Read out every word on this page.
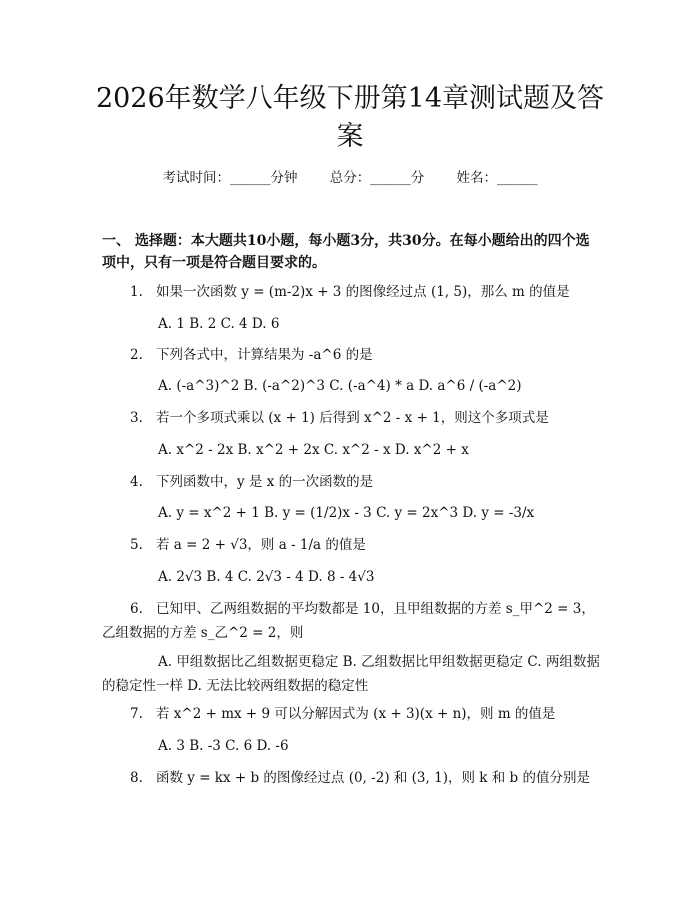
2026年数学八年级下册第14章测试题及答案
考试时间：______分钟 总分：______分 姓名：______

一、 选择题：本大题共10小题，每小题3分，共30分。在每小题给出的四个选项中，只有一项是符合题目要求的。

1. 如果一次函数 y = (m-2)x + 3 的图像经过点 (1, 5)，那么 m 的值是

A. 1 B. 2 C. 4 D. 6

2. 下列各式中，计算结果为 -a^6 的是

A. (-a^3)^2 B. (-a^2)^3 C. (-a^4) * a D. a^6 / (-a^2)

3. 若一个多项式乘以 (x + 1) 后得到 x^2 - x + 1，则这个多项式是

A. x^2 - 2x B. x^2 + 2x C. x^2 - x D. x^2 + x

4. 下列函数中，y 是 x 的一次函数的是

A. y = x^2 + 1 B. y = (1/2)x - 3 C. y = 2x^3 D. y = -3/x

5. 若 a = 2 + √3，则 a - 1/a 的值是

A. 2√3 B. 4 C. 2√3 - 4 D. 8 - 4√3

6. 已知甲、乙两组数据的平均数都是 10，且甲组数据的方差 s_甲^2 = 3，乙组数据的方差 s_乙^2 = 2，则

A. 甲组数据比乙组数据更稳定 B. 乙组数据比甲组数据更稳定 C. 两组数据的稳定性一样 D. 无法比较两组数据的稳定性

7. 若 x^2 + mx + 9 可以分解因式为 (x + 3)(x + n)，则 m 的值是

A. 3 B. -3 C. 6 D. -6

8. 函数 y = kx + b 的图像经过点 (0, -2) 和 (3, 1)，则 k 和 b 的值分别是
